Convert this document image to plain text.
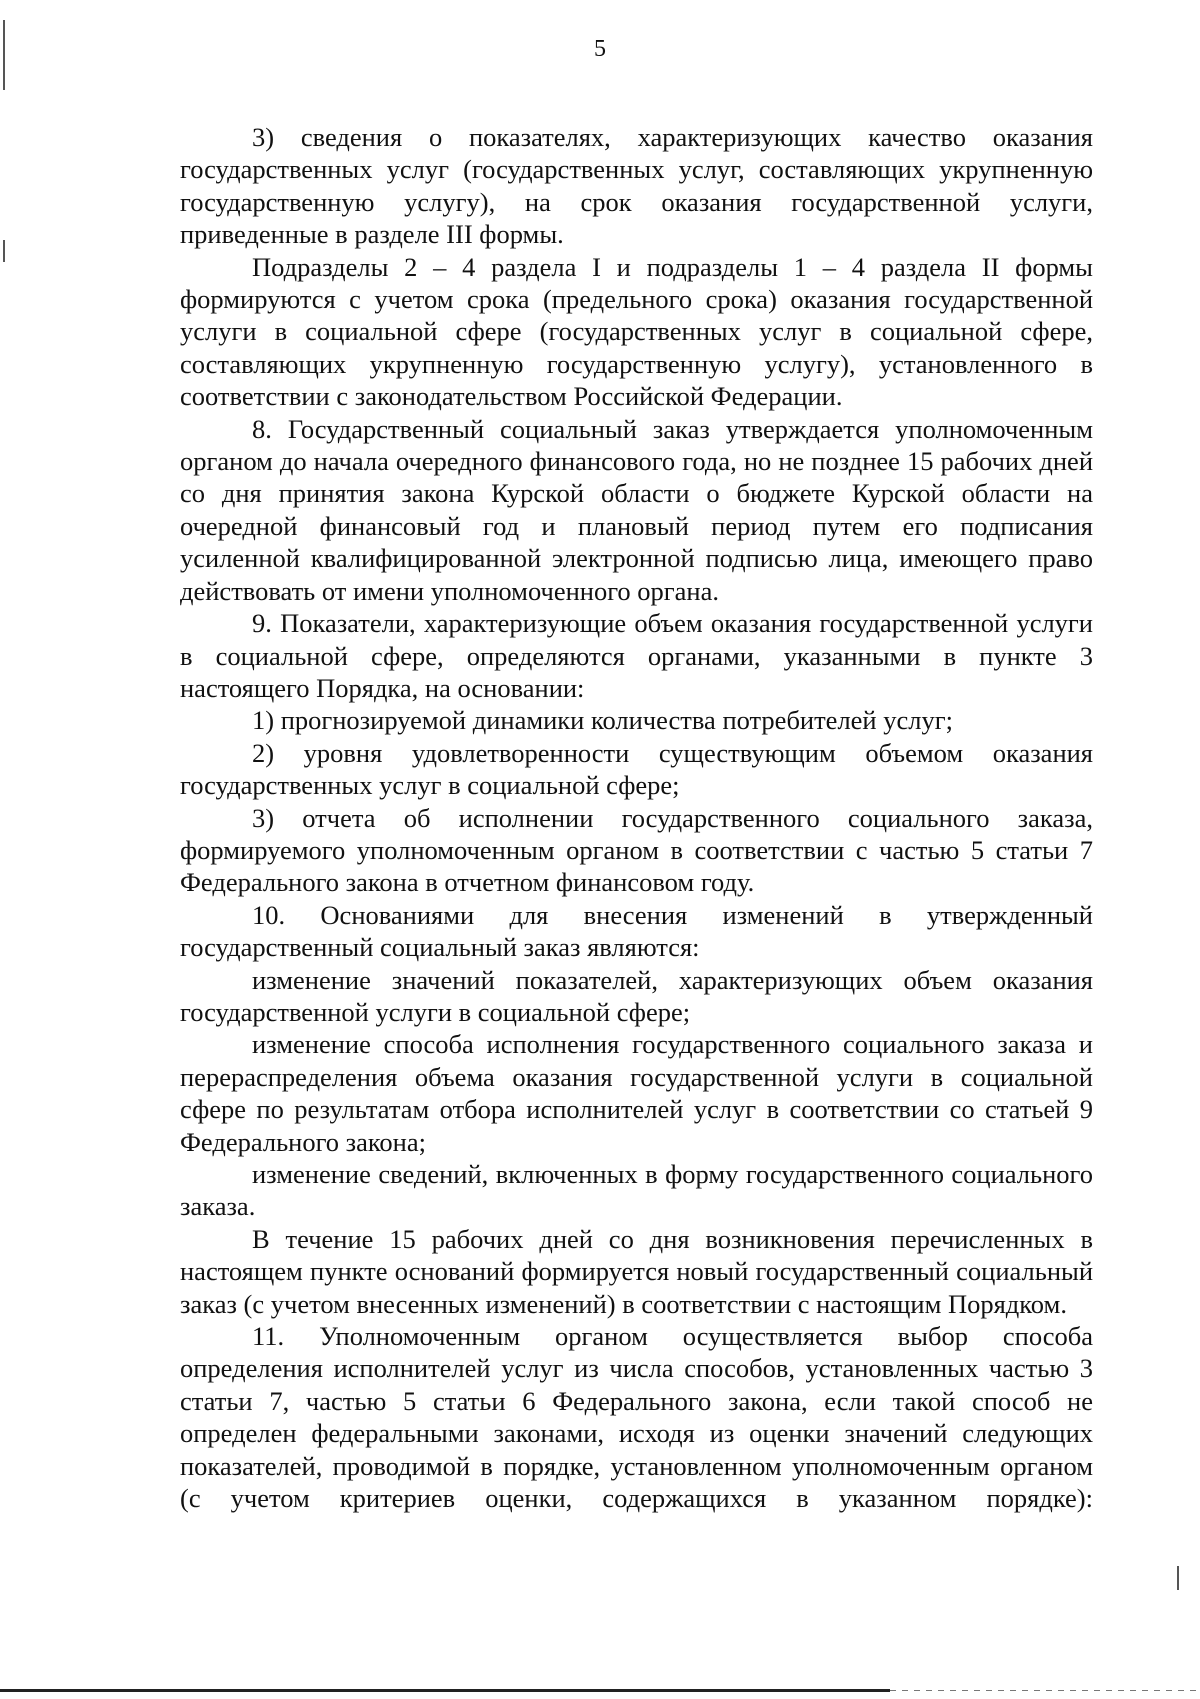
5

3) сведения о показателях, характеризующих качество оказания государственных услуг (государственных услуг, составляющих укрупненную государственную услугу), на срок оказания государственной услуги, приведенные в разделе III формы.

Подразделы 2 – 4 раздела I и подразделы 1 – 4 раздела II формы формируются с учетом срока (предельного срока) оказания государственной услуги в социальной сфере (государственных услуг в социальной сфере, составляющих укрупненную государственную услугу), установленного в соответствии с законодательством Российской Федерации.

8. Государственный социальный заказ утверждается уполномоченным органом до начала очередного финансового года, но не позднее 15 рабочих дней со дня принятия закона Курской области о бюджете Курской области на очередной финансовый год и плановый период путем его подписания усиленной квалифицированной электронной подписью лица, имеющего право действовать от имени уполномоченного органа.

9. Показатели, характеризующие объем оказания государственной услуги в социальной сфере, определяются органами, указанными в пункте 3 настоящего Порядка, на основании:

1) прогнозируемой динамики количества потребителей услуг;

2) уровня удовлетворенности существующим объемом оказания государственных услуг в социальной сфере;

3) отчета об исполнении государственного социального заказа, формируемого уполномоченным органом в соответствии с частью 5 статьи 7 Федерального закона в отчетном финансовом году.

10. Основаниями для внесения изменений в утвержденный государственный социальный заказ являются:

изменение значений показателей, характеризующих объем оказания государственной услуги в социальной сфере;

изменение способа исполнения государственного социального заказа и перераспределения объема оказания государственной услуги в социальной сфере по результатам отбора исполнителей услуг в соответствии со статьей 9 Федерального закона;

изменение сведений, включенных в форму государственного социального заказа.

В течение 15 рабочих дней со дня возникновения перечисленных в настоящем пункте оснований формируется новый государственный социальный заказ (с учетом внесенных изменений) в соответствии с настоящим Порядком.

11. Уполномоченным органом осуществляется выбор способа определения исполнителей услуг из числа способов, установленных частью 3 статьи 7, частью 5 статьи 6 Федерального закона, если такой способ не определен федеральными законами, исходя из оценки значений следующих показателей, проводимой в порядке, установленном уполномоченным органом (с учетом критериев оценки, содержащихся в указанном порядке):
